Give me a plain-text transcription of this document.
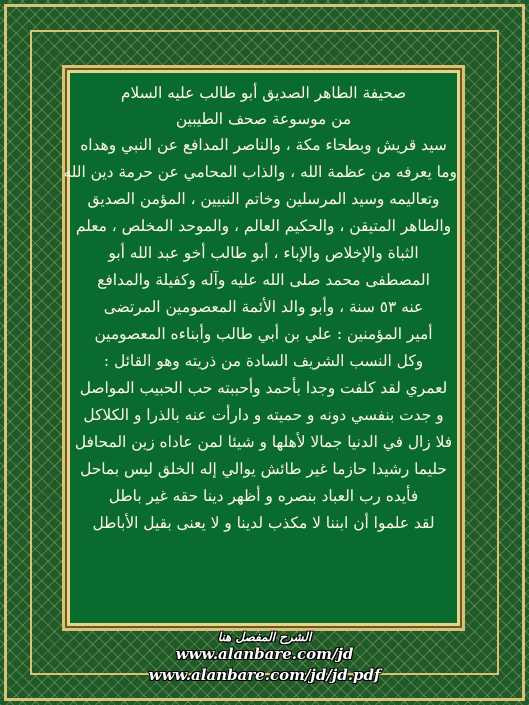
صحيفة الطاهر الصديق أبو طالب عليه السلام
من موسوعة صحف الطيبين
سيد قريش وبطحاء مكة ، والناصر المدافع عن النبي وهداه
وما يعرفه من عظمة الله ، والذاب المحامي عن حرمة دين الله
وتعاليمه وسيد المرسلين وخاتم النبيين ، المؤمن الصديق
والطاهر المتيقن ، والحكيم العالم ، والموحد المخلص ، معلم
الثباة والإخلاص والإباء ، أبو طالب أخو عبد الله أبو
المصطفى محمد صلى الله عليه وآله وكفيلة والمدافع
عنه ٥٣ سنة ، وأبو والد الأئمة المعصومين المرتضى
أمير المؤمنين : علي بن أبي طالب وأبناءه المعصومين
وكل النسب الشريف السادة من ذريته وهو القائل :
لعمري لقد كلفت وجدا بأحمد وأحببته حب الحبيب المواصل
و جدت بنفسي دونه و حميته و دارأت عنه بالذرا و الكلاكل
فلا زال في الدنيا جمالا لأهلها و شيئا لمن عاداه زين المحافل
حليما رشيدا حازما غير طائش يوالي إله الخلق ليس بماحل
فأيده رب العباد بنصره و أظهر دينا حقه غير باطل
لقد علموا أن ابننا لا مكذب لدينا و لا يعنى بقيل الأباطل
الشرح المفصل هنا
www.alanbare.com/jd
www.alanbare.com/jd/jd.pdf
